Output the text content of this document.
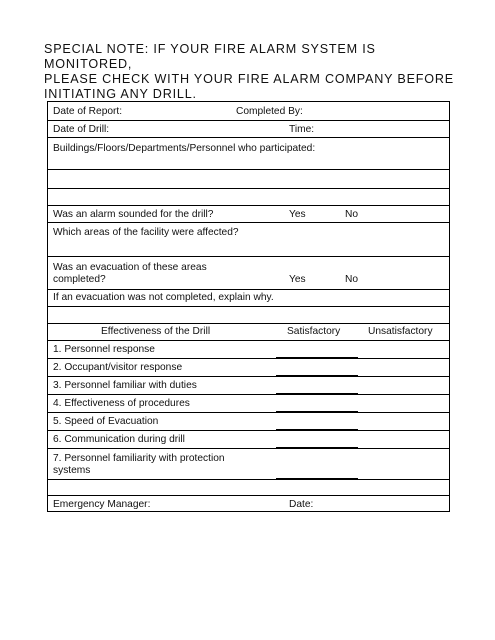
SPECIAL NOTE: IF YOUR FIRE ALARM SYSTEM IS MONITORED,
PLEASE CHECK WITH YOUR FIRE ALARM COMPANY BEFORE
INITIATING ANY DRILL.
Date of Report:	Completed By:
Date of Drill:	Time:
Buildings/Floors/Departments/Personnel who participated:
Was an alarm sounded for the drill?	Yes	No
Which areas of the facility were affected?
Was an evacuation of these areas
completed?	Yes	No
If an evacuation was not completed, explain why.
Effectiveness of the Drill	Satisfactory	Unsatisfactory
1. Personnel response
2. Occupant/visitor response
3. Personnel familiar with duties
4. Effectiveness of procedures
5. Speed of Evacuation
6. Communication during drill
7. Personnel familiarity with protection
systems
Emergency Manager:	Date:
